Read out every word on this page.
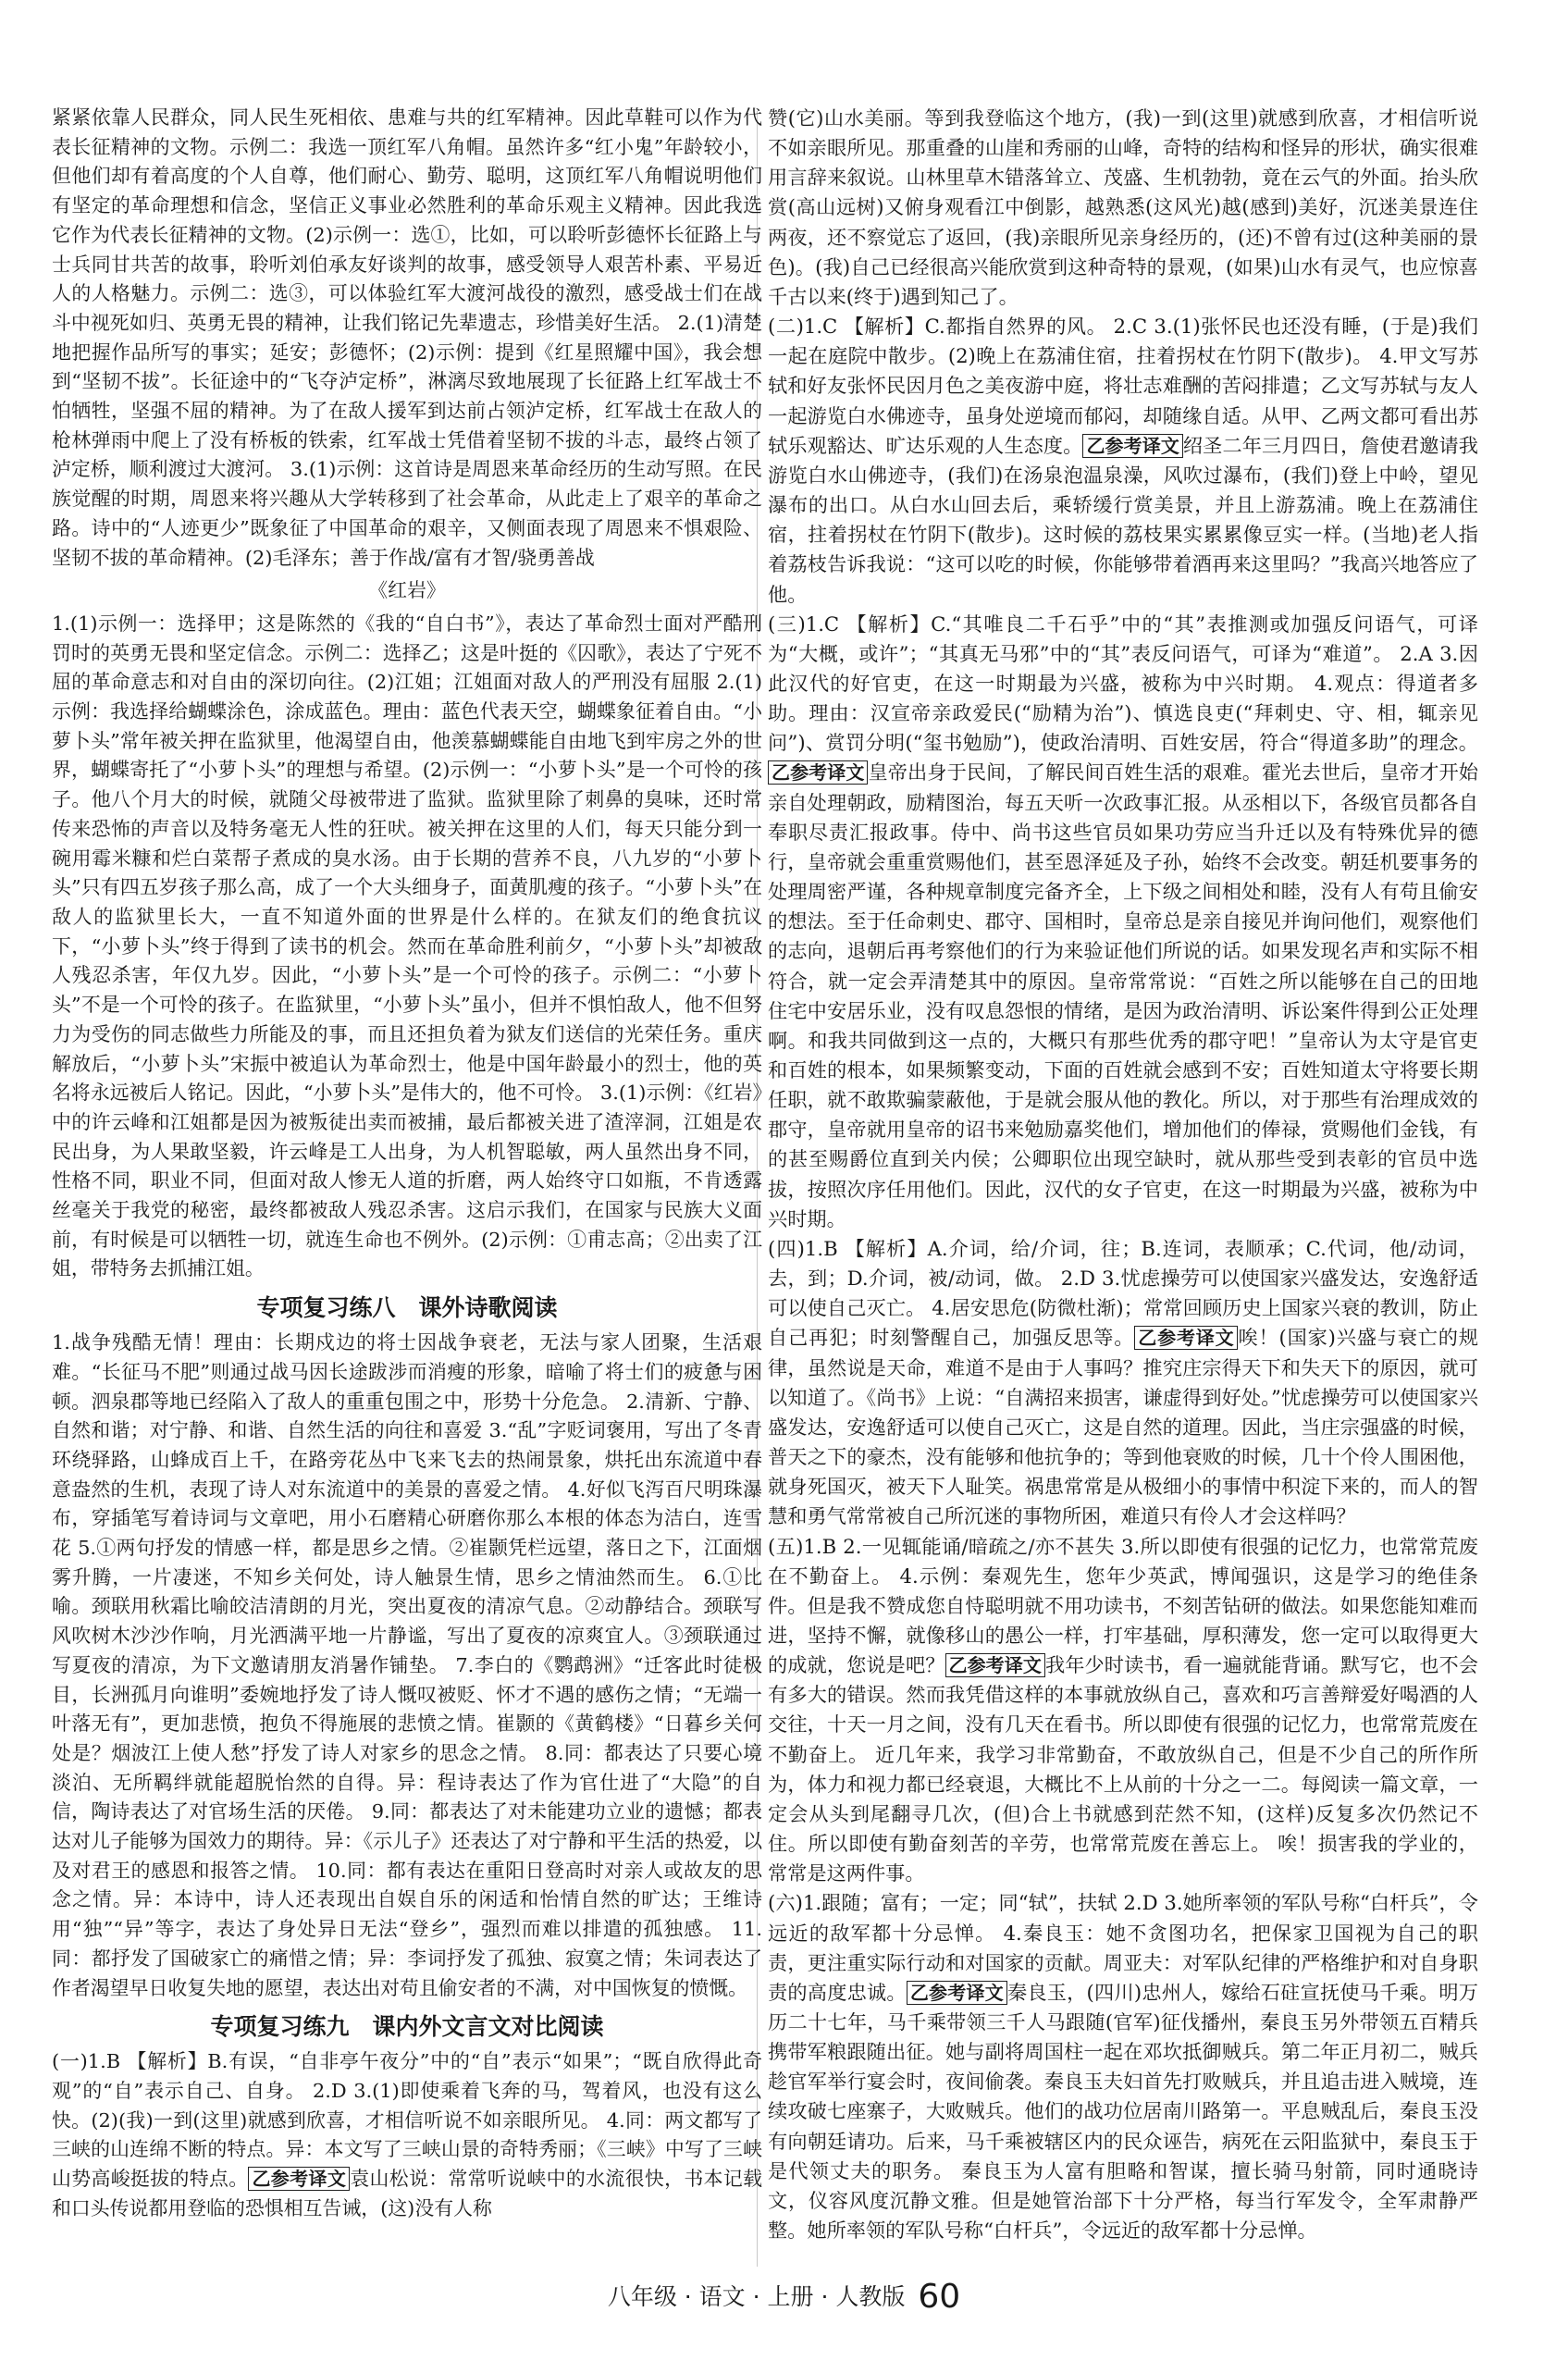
紧紧依靠人民群众，同人民生死相依、患难与共的红军精神。因此草鞋可以作为代表长征精神的文物。示例二：我选一顶红军八角帽。虽然许多“红小鬼”年龄较小，但他们却有着高度的个人自尊，他们耐心、勤劳、聪明，这顶红军八角帽说明他们有坚定的革命理想和信念，坚信正义事业必然胜利的革命乐观主义精神。因此我选它作为代表长征精神的文物。(2)示例一：选①，比如，可以聆听彭德怀长征路上与士兵同甘共苦的故事，聆听刘伯承友好谈判的故事，感受领导人艰苦朴素、平易近人的人格魅力。示例二：选③，可以体验红军大渡河战役的激烈，感受战士们在战斗中视死如归、英勇无畏的精神，让我们铭记先辈遗志，珍惜美好生活。 2.(1)清楚地把握作品所写的事实；延安；彭德怀；(2)示例：提到《红星照耀中国》，我会想到“坚韧不拔”。长征途中的“飞夺泸定桥”，淋漓尽致地展现了长征路上红军战士不怕牺牲，坚强不屈的精神。为了在敌人援军到达前占领泸定桥，红军战士在敌人的枪林弹雨中爬上了没有桥板的铁索，红军战士凭借着坚韧不拔的斗志，最终占领了泸定桥，顺利渡过大渡河。 3.(1)示例：这首诗是周恩来革命经历的生动写照。在民族觉醒的时期，周恩来将兴趣从大学转移到了社会革命，从此走上了艰辛的革命之路。诗中的“人迹更少”既象征了中国革命的艰辛，又侧面表现了周恩来不惧艰险、坚韧不拔的革命精神。(2)毛泽东；善于作战/富有才智/骁勇善战

《红岩》

1.(1)示例一：选择甲；这是陈然的《我的“自白书”》，表达了革命烈士面对严酷刑罚时的英勇无畏和坚定信念。示例二：选择乙；这是叶挺的《囚歌》，表达了宁死不屈的革命意志和对自由的深切向往。(2)江姐；江姐面对敌人的严刑没有屈服 2.(1)示例：我选择给蝴蝶涂色，涂成蓝色。理由：蓝色代表天空，蝴蝶象征着自由。“小萝卜头”常年被关押在监狱里，他渴望自由，他羡慕蝴蝶能自由地飞到牢房之外的世界，蝴蝶寄托了“小萝卜头”的理想与希望。(2)示例一：“小萝卜头”是一个可怜的孩子。他八个月大的时候，就随父母被带进了监狱。监狱里除了刺鼻的臭味，还时常传来恐怖的声音以及特务毫无人性的狂吠。被关押在这里的人们，每天只能分到一碗用霉米糠和烂白菜帮子煮成的臭水汤。由于长期的营养不良，八九岁的“小萝卜头”只有四五岁孩子那么高，成了一个大头细身子，面黄肌瘦的孩子。“小萝卜头”在敌人的监狱里长大，一直不知道外面的世界是什么样的。在狱友们的绝食抗议下，“小萝卜头”终于得到了读书的机会。然而在革命胜利前夕，“小萝卜头”却被敌人残忍杀害，年仅九岁。因此，“小萝卜头”是一个可怜的孩子。示例二：“小萝卜头”不是一个可怜的孩子。在监狱里，“小萝卜头”虽小，但并不惧怕敌人，他不但努力为受伤的同志做些力所能及的事，而且还担负着为狱友们送信的光荣任务。重庆解放后，“小萝卜头”宋振中被追认为革命烈士，他是中国年龄最小的烈士，他的英名将永远被后人铭记。因此，“小萝卜头”是伟大的，他不可怜。 3.(1)示例：《红岩》中的许云峰和江姐都是因为被叛徒出卖而被捕，最后都被关进了渣滓洞，江姐是农民出身，为人果敢坚毅，许云峰是工人出身，为人机智聪敏，两人虽然出身不同，性格不同，职业不同，但面对敌人惨无人道的折磨，两人始终守口如瓶，不肯透露丝毫关于我党的秘密，最终都被敌人残忍杀害。这启示我们，在国家与民族大义面前，有时候是可以牺牲一切，就连生命也不例外。(2)示例：①甫志高；②出卖了江姐，带特务去抓捕江姐。

专项复习练八　课外诗歌阅读

1.战争残酷无情！理由：长期戍边的将士因战争衰老，无法与家人团聚，生活艰难。“长征马不肥”则通过战马因长途跋涉而消瘦的形象，暗喻了将士们的疲惫与困顿。泗泉郡等地已经陷入了敌人的重重包围之中，形势十分危急。 2.清新、宁静、自然和谐；对宁静、和谐、自然生活的向往和喜爱 3.“乱”字贬词褒用，写出了冬青环绕驿路，山蜂成百上千，在路旁花丛中飞来飞去的热闹景象，烘托出东流道中春意盎然的生机，表现了诗人对东流道中的美景的喜爱之情。 4.好似飞泻百尺明珠瀑布，穿插笔写着诗词与文章吧，用小石磨精心研磨你那么本根的体态为洁白，连雪花 5.①两句抒发的情感一样，都是思乡之情。②崔颢凭栏远望，落日之下，江面烟雾升腾，一片凄迷，不知乡关何处，诗人触景生情，思乡之情油然而生。 6.①比喻。颈联用秋霜比喻皎洁清朗的月光，突出夏夜的清凉气息。②动静结合。颈联写风吹树木沙沙作响，月光洒满平地一片静谧，写出了夏夜的凉爽宜人。③颈联通过写夏夜的清凉，为下文邀请朋友消暑作铺垫。 7.李白的《鹦鹉洲》“迁客此时徒极目，长洲孤月向谁明”委婉地抒发了诗人慨叹被贬、怀才不遇的感伤之情；“无端一叶落无有”，更加悲愤，抱负不得施展的悲愤之情。崔颢的《黄鹤楼》“日暮乡关何处是？烟波江上使人愁”抒发了诗人对家乡的思念之情。 8.同：都表达了只要心境淡泊、无所羁绊就能超脱怡然的自得。异：程诗表达了作为官仕进了“大隐”的自信，陶诗表达了对官场生活的厌倦。 9.同：都表达了对未能建功立业的遗憾；都表达对儿子能够为国效力的期待。异：《示儿子》还表达了对宁静和平生活的热爱，以及对君王的感恩和报答之情。 10.同：都有表达在重阳日登高时对亲人或故友的思念之情。异：本诗中，诗人还表现出自娱自乐的闲适和怡情自然的旷达；王维诗用“独”“异”等字，表达了身处异日无法“登乡”，强烈而难以排遣的孤独感。 11.同：都抒发了国破家亡的痛惜之情；异：李词抒发了孤独、寂寞之情；朱词表达了作者渴望早日收复失地的愿望，表达出对苟且偷安者的不满，对中国恢复的愤慨。

专项复习练九　课内外文言文对比阅读

(一)1.B 【解析】B.有误，“自非亭午夜分”中的“自”表示“如果”；“既自欣得此奇观”的“自”表示自己、自身。 2.D 3.(1)即使乘着飞奔的马，驾着风，也没有这么快。(2)(我)一到(这里)就感到欣喜，才相信听说不如亲眼所见。 4.同：两文都写了三峡的山连绵不断的特点。异：本文写了三峡山景的奇特秀丽；《三峡》中写了三峡山势高峻挺拔的特点。 乙参考译文 袁山松说：常常听说峡中的水流很快，书本记载和口头传说都用登临的恐惧相互告诫，(这)没有人称

赞(它)山水美丽。等到我登临这个地方，(我)一到(这里)就感到欣喜，才相信听说不如亲眼所见。那重叠的山崖和秀丽的山峰，奇特的结构和怪异的形状，确实很难用言辞来叙说。山林里草木错落耸立、茂盛、生机勃勃，竟在云气的外面。抬头欣赏(高山远树)又俯身观看江中倒影，越熟悉(这风光)越(感到)美好，沉迷美景连住两夜，还不察觉忘了返回，(我)亲眼所见亲身经历的，(还)不曾有过(这种美丽的景色)。(我)自己已经很高兴能欣赏到这种奇特的景观，(如果)山水有灵气，也应惊喜千古以来(终于)遇到知己了。

(二)1.C 【解析】C.都指自然界的风。 2.C 3.(1)张怀民也还没有睡，(于是)我们一起在庭院中散步。(2)晚上在荔浦住宿，拄着拐杖在竹阴下(散步)。 4.甲文写苏轼和好友张怀民因月色之美夜游中庭，将壮志难酬的苦闷排遣；乙文写苏轼与友人一起游览白水佛迹寺，虽身处逆境而郁闷，却随缘自适。从甲、乙两文都可看出苏轼乐观豁达、旷达乐观的人生态度。 乙参考译文 绍圣二年三月四日，詹使君邀请我游览白水山佛迹寺，(我们)在汤泉泡温泉澡，风吹过瀑布，(我们)登上中岭，望见瀑布的出口。从白水山回去后，乘轿缓行赏美景，并且上游荔浦。晚上在荔浦住宿，拄着拐杖在竹阴下(散步)。这时候的荔枝果实累累像豆实一样。(当地)老人指着荔枝告诉我说：“这可以吃的时候，你能够带着酒再来这里吗？”我高兴地答应了他。

(三)1.C 【解析】C.“其唯良二千石乎”中的“其”表推测或加强反问语气，可译为“大概，或许”；“其真无马邪”中的“其”表反问语气，可译为“难道”。 2.A 3.因此汉代的好官吏，在这一时期最为兴盛，被称为中兴时期。 4.观点：得道者多助。理由：汉宣帝亲政爱民(“励精为治”)、慎选良吏(“拜刺史、守、相，辄亲见问”)、赏罚分明(“玺书勉励”)，使政治清明、百姓安居，符合“得道多助”的理念。乙参考译文 皇帝出身于民间，了解民间百姓生活的艰难。霍光去世后，皇帝才开始亲自处理朝政，励精图治，每五天听一次政事汇报。从丞相以下，各级官员都各自奉职尽责汇报政事。侍中、尚书这些官员如果功劳应当升迁以及有特殊优异的德行，皇帝就会重重赏赐他们，甚至恩泽延及子孙，始终不会改变。朝廷机要事务的处理周密严谨，各种规章制度完备齐全，上下级之间相处和睦，没有人有苟且偷安的想法。至于任命刺史、郡守、国相时，皇帝总是亲自接见并询问他们，观察他们的志向，退朝后再考察他们的行为来验证他们所说的话。如果发现名声和实际不相符合，就一定会弄清楚其中的原因。皇帝常常说：“百姓之所以能够在自己的田地住宅中安居乐业，没有叹息怨恨的情绪，是因为政治清明、诉讼案件得到公正处理啊。和我共同做到这一点的，大概只有那些优秀的郡守吧！”皇帝认为太守是官吏和百姓的根本，如果频繁变动，下面的百姓就会感到不安；百姓知道太守将要长期任职，就不敢欺骗蒙蔽他，于是就会服从他的教化。所以，对于那些有治理成效的郡守，皇帝就用皇帝的诏书来勉励嘉奖他们，增加他们的俸禄，赏赐他们金钱，有的甚至赐爵位直到关内侯；公卿职位出现空缺时，就从那些受到表彰的官员中选拔，按照次序任用他们。因此，汉代的女子官吏，在这一时期最为兴盛，被称为中兴时期。

(四)1.B 【解析】A.介词，给/介词，往；B.连词，表顺承；C.代词，他/动词，去，到；D.介词，被/动词，做。 2.D 3.忧虑操劳可以使国家兴盛发达，安逸舒适可以使自己灭亡。 4.居安思危(防微杜渐)；常常回顾历史上国家兴衰的教训，防止自己再犯；时刻警醒自己，加强反思等。 乙参考译文 唉！(国家)兴盛与衰亡的规律，虽然说是天命，难道不是由于人事吗？推究庄宗得天下和失天下的原因，就可以知道了。《尚书》上说：“自满招来损害，谦虚得到好处。”忧虑操劳可以使国家兴盛发达，安逸舒适可以使自己灭亡，这是自然的道理。因此，当庄宗强盛的时候，普天之下的豪杰，没有能够和他抗争的；等到他衰败的时候，几十个伶人围困他，就身死国灭，被天下人耻笑。祸患常常是从极细小的事情中积淀下来的，而人的智慧和勇气常常被自己所沉迷的事物所困，难道只有伶人才会这样吗？

(五)1.B 2.一见辄能诵/暗疏之/亦不甚失 3.所以即使有很强的记忆力，也常常荒废在不勤奋上。 4.示例：秦观先生，您年少英武，博闻强识，这是学习的绝佳条件。但是我不赞成您自恃聪明就不用功读书，不刻苦钻研的做法。如果您能知难而进，坚持不懈，就像移山的愚公一样，打牢基础，厚积薄发，您一定可以取得更大的成就，您说是吧？ 乙参考译文 我年少时读书，看一遍就能背诵。默写它，也不会有多大的错误。然而我凭借这样的本事就放纵自己，喜欢和巧言善辩爱好喝酒的人交往，十天一月之间，没有几天在看书。所以即使有很强的记忆力，也常常荒废在不勤奋上。 近几年来，我学习非常勤奋，不敢放纵自己，但是不少自己的所作所为，体力和视力都已经衰退，大概比不上从前的十分之一二。每阅读一篇文章，一定会从头到尾翻寻几次，(但)合上书就感到茫然不知，(这样)反复多次仍然记不住。所以即使有勤奋刻苦的辛劳，也常常荒废在善忘上。 唉！损害我的学业的，常常是这两件事。

(六)1.跟随；富有；一定；同“轼”，扶轼 2.D 3.她所率领的军队号称“白杆兵”，令远近的敌军都十分忌惮。 4.秦良玉：她不贪图功名，把保家卫国视为自己的职责，更注重实际行动和对国家的贡献。周亚夫：对军队纪律的严格维护和对自身职责的高度忠诚。 乙参考译文 秦良玉，(四川)忠州人，嫁给石砫宣抚使马千乘。明万历二十七年，马千乘带领三千人马跟随(官军)征伐播州，秦良玉另外带领五百精兵携带军粮跟随出征。她与副将周国柱一起在邓坎抵御贼兵。第二年正月初二，贼兵趁官军举行宴会时，夜间偷袭。秦良玉夫妇首先打败贼兵，并且追击进入贼境，连续攻破七座寨子，大败贼兵。他们的战功位居南川路第一。平息贼乱后，秦良玉没有向朝廷请功。后来，马千乘被辖区内的民众诬告，病死在云阳监狱中，秦良玉于是代领丈夫的职务。 秦良玉为人富有胆略和智谋，擅长骑马射箭，同时通晓诗文，仪容风度沉静文雅。但是她管治部下十分严格，每当行军发令，全军肃静严整。她所率领的军队号称“白杆兵”，令远近的敌军都十分忌惮。

八年级 · 语文 · 上册 · 人教版 60
